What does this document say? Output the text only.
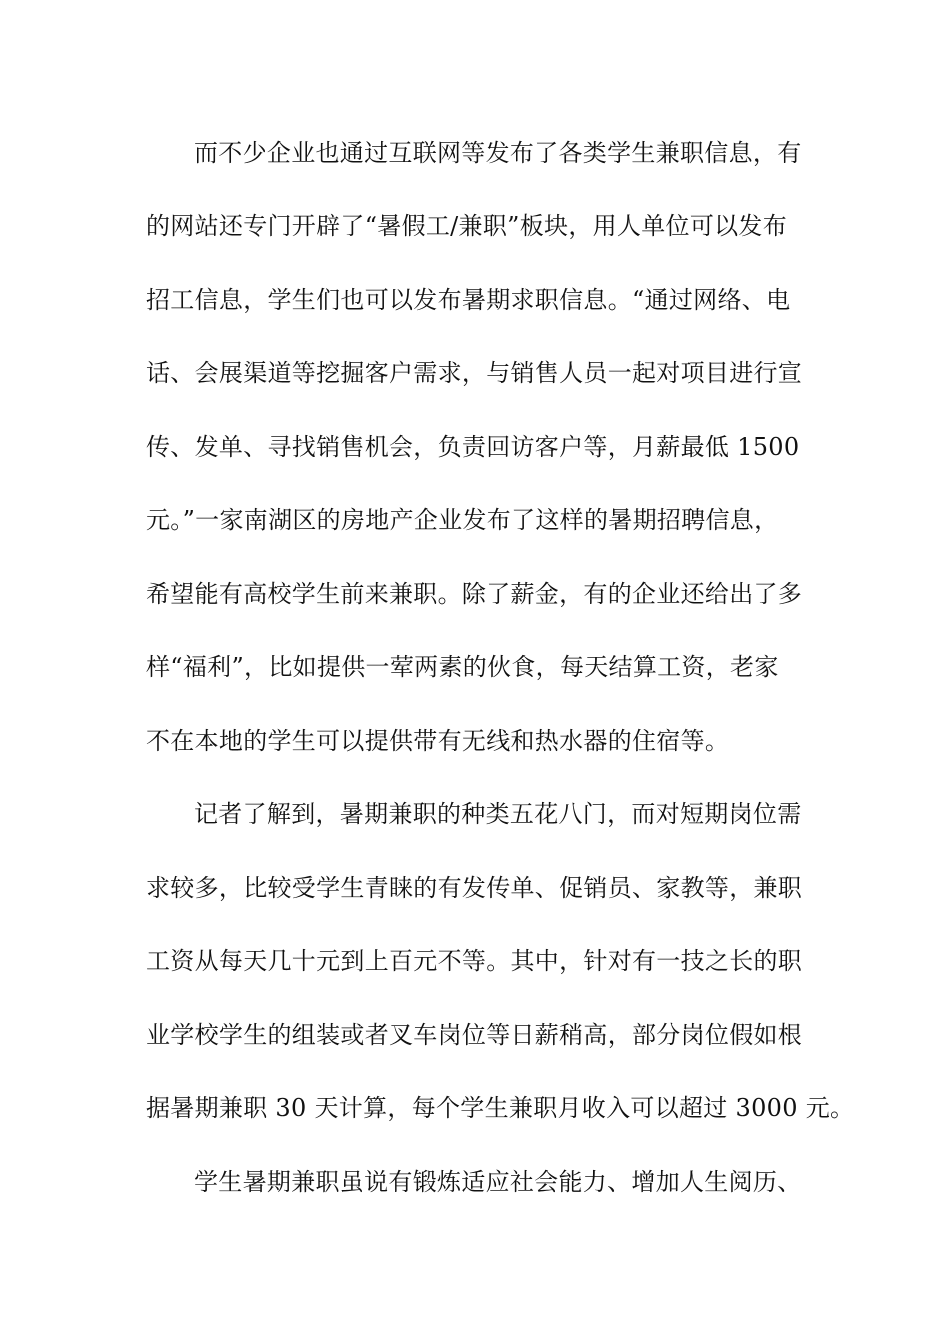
而不少企业也通过互联网等发布了各类学生兼职信息，有
的网站还专门开辟了“暑假工/兼职”板块，用人单位可以发布
招工信息，学生们也可以发布暑期求职信息。“通过网络、电
话、会展渠道等挖掘客户需求，与销售人员一起对项目进行宣
传、发单、寻找销售机会，负责回访客户等，月薪最低 1500
元。”一家南湖区的房地产企业发布了这样的暑期招聘信息，
希望能有高校学生前来兼职。除了薪金，有的企业还给出了多
样“福利”，比如提供一荤两素的伙食，每天结算工资，老家
不在本地的学生可以提供带有无线和热水器的住宿等。
记者了解到，暑期兼职的种类五花八门，而对短期岗位需
求较多，比较受学生青睐的有发传单、促销员、家教等，兼职
工资从每天几十元到上百元不等。其中，针对有一技之长的职
业学校学生的组装或者叉车岗位等日薪稍高，部分岗位假如根
据暑期兼职 30 天计算，每个学生兼职月收入可以超过 3000 元。
学生暑期兼职虽说有锻炼适应社会能力、增加人生阅历、
